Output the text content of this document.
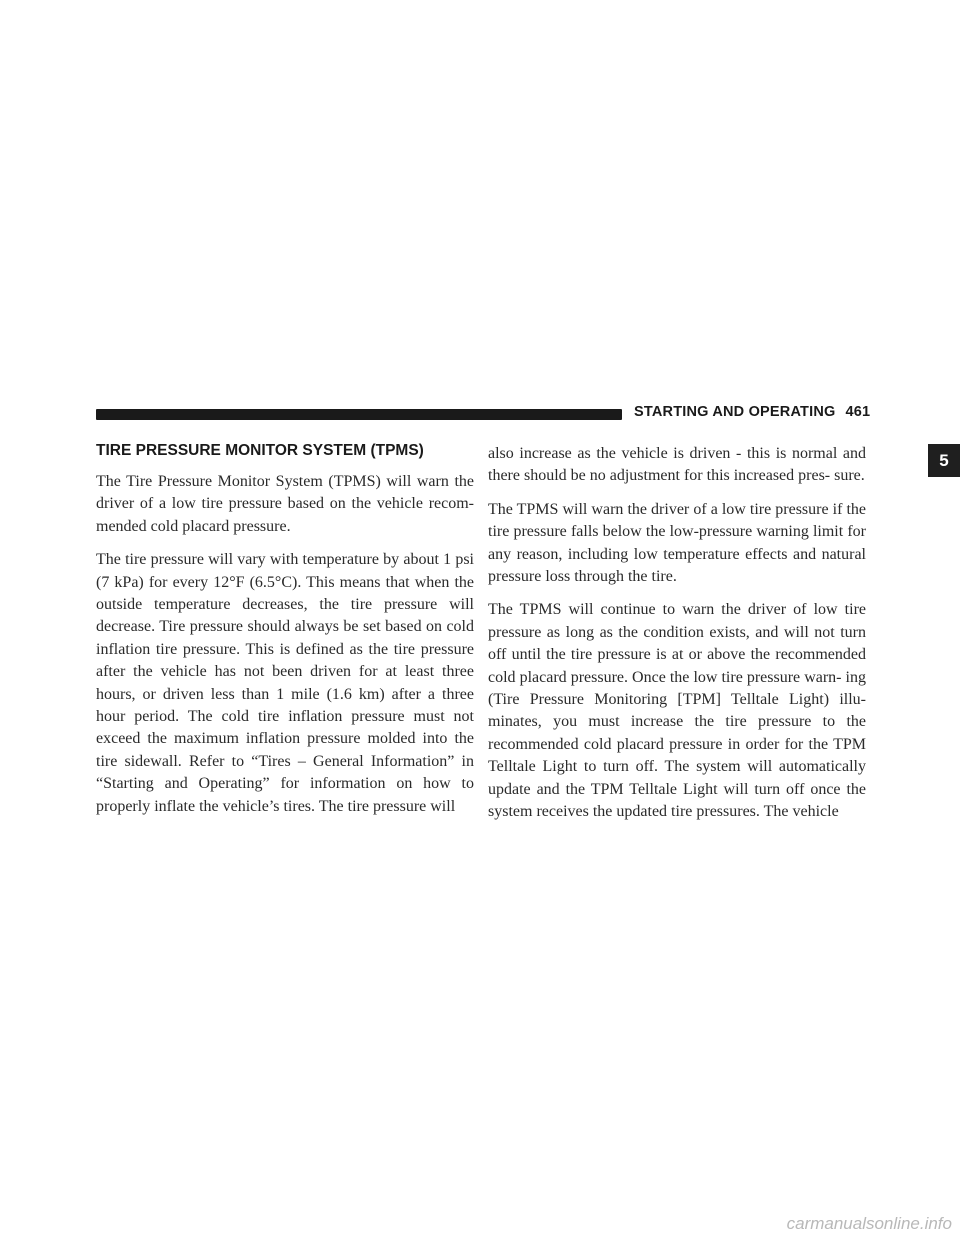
STARTING AND OPERATING 461
5
TIRE PRESSURE MONITOR SYSTEM (TPMS)

The Tire Pressure Monitor System (TPMS) will warn the driver of a low tire pressure based on the vehicle recom- mended cold placard pressure.

The tire pressure will vary with temperature by about 1 psi (7 kPa) for every 12°F (6.5°C). This means that when the outside temperature decreases, the tire pressure will decrease. Tire pressure should always be set based on cold inflation tire pressure. This is defined as the tire pressure after the vehicle has not been driven for at least three hours, or driven less than 1 mile (1.6 km) after a three hour period. The cold tire inflation pressure must not exceed the maximum inflation pressure molded into the tire sidewall. Refer to “Tires – General Information” in “Starting and Operating” for information on how to properly inflate the vehicle’s tires. The tire pressure will

also increase as the vehicle is driven - this is normal and there should be no adjustment for this increased pres- sure.

The TPMS will warn the driver of a low tire pressure if the tire pressure falls below the low-pressure warning limit for any reason, including low temperature effects and natural pressure loss through the tire.

The TPMS will continue to warn the driver of low tire pressure as long as the condition exists, and will not turn off until the tire pressure is at or above the recommended cold placard pressure. Once the low tire pressure warn- ing (Tire Pressure Monitoring [TPM] Telltale Light) illu- minates, you must increase the tire pressure to the recommended cold placard pressure in order for the TPM Telltale Light to turn off. The system will automatically update and the TPM Telltale Light will turn off once the system receives the updated tire pressures. The vehicle

carmanualsonline.info
